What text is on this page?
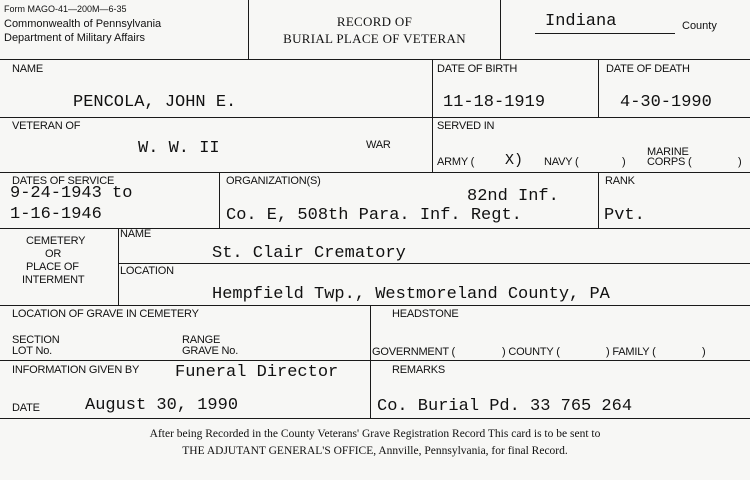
Form MAGO-41—200M—6-35
Commonwealth of Pennsylvania
Department of Military Affairs
RECORD OF
BURIAL PLACE OF VETERAN
Indiana	County
NAME
PENCOLA, JOHN E.
DATE OF BIRTH
11-18-1919
DATE OF DEATH
4-30-1990
VETERAN OF
W. W. II	WAR
SERVED IN
ARMY ( X) NAVY (	)
MARINE
CORPS (	)
DATES OF SERVICE
9-24-1943 to
1-16-1946
ORGANIZATION(S)
82nd Inf.
Co. E, 508th Para. Inf. Regt.
RANK
Pvt.
CEMETERY
OR
PLACE OF
INTERMENT
NAME
St. Clair Crematory
LOCATION
Hempfield Twp., Westmoreland County, PA
LOCATION OF GRAVE IN CEMETERY
SECTION
LOT No.
RANGE
GRAVE No.
HEADSTONE
GOVERNMENT (	) COUNTY (	) FAMILY (	)
INFORMATION GIVEN BY Funeral Director	REMARKS
Co. Burial Pd. 33 765 264
DATE	August 30, 1990
After being Recorded in the County Veterans' Grave Registration Record This card is to be sent to
THE ADJUTANT GENERAL'S OFFICE, Annville, Pennsylvania, for final Record.
